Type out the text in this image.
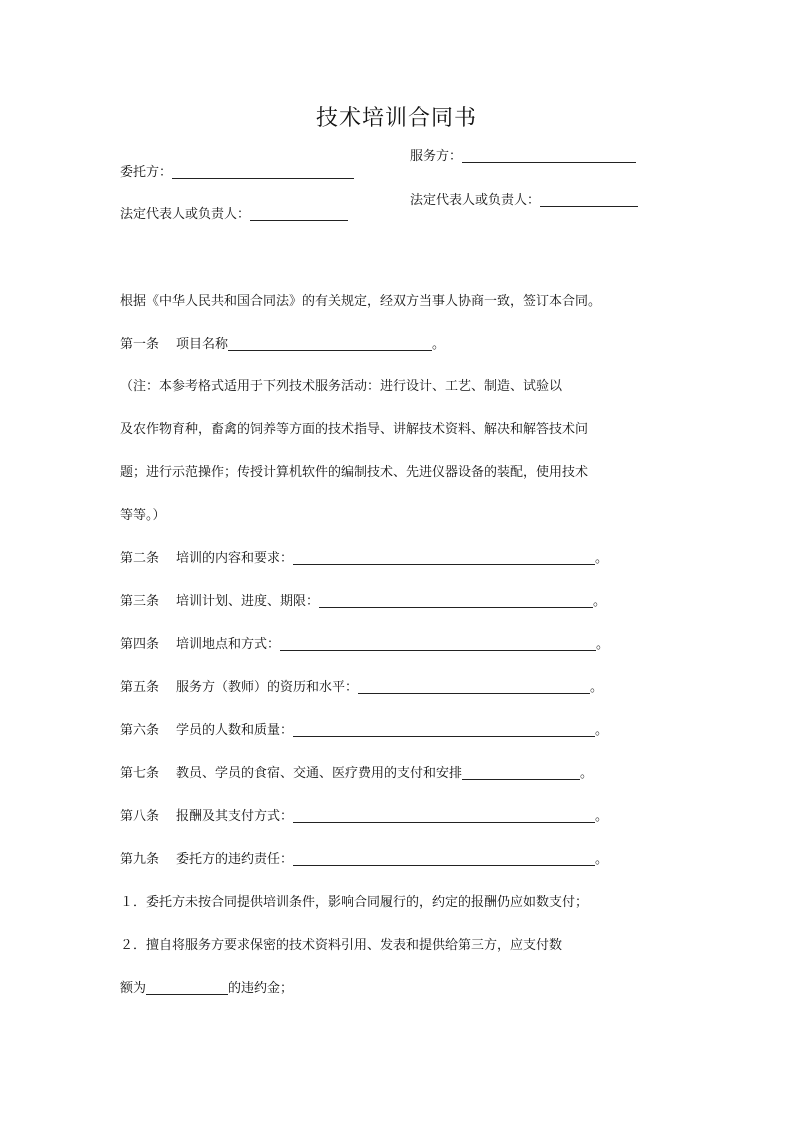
技术培训合同书
服务方：
委托方：
法定代表人或负责人：
法定代表人或负责人：
根据《中华人民共和国合同法》的有关规定，经双方当事人协商一致，签订本合同。
第一条 项目名称	。
（注：本参考格式适用于下列技术服务活动：进行设计、工艺、制造、试验以
及农作物育种，畜禽的饲养等方面的技术指导、讲解技术资料、解决和解答技术问
题；进行示范操作；传授计算机软件的编制技术、先进仪器设备的装配，使用技术
等等。）
第二条 培训的内容和要求：	。
第三条 培训计划、进度、期限：	。
第四条 培训地点和方式：	。
第五条 服务方（教师）的资历和水平：	。
第六条 学员的人数和质量：	。
第七条 教员、学员的食宿、交通、医疗费用的支付和安排	。
第八条 报酬及其支付方式：	。
第九条 委托方的违约责任：	。
１．委托方未按合同提供培训条件，影响合同履行的，约定的报酬仍应如数支付；
２．擅自将服务方要求保密的技术资料引用、发表和提供给第三方，应支付数
额为	的违约金；
